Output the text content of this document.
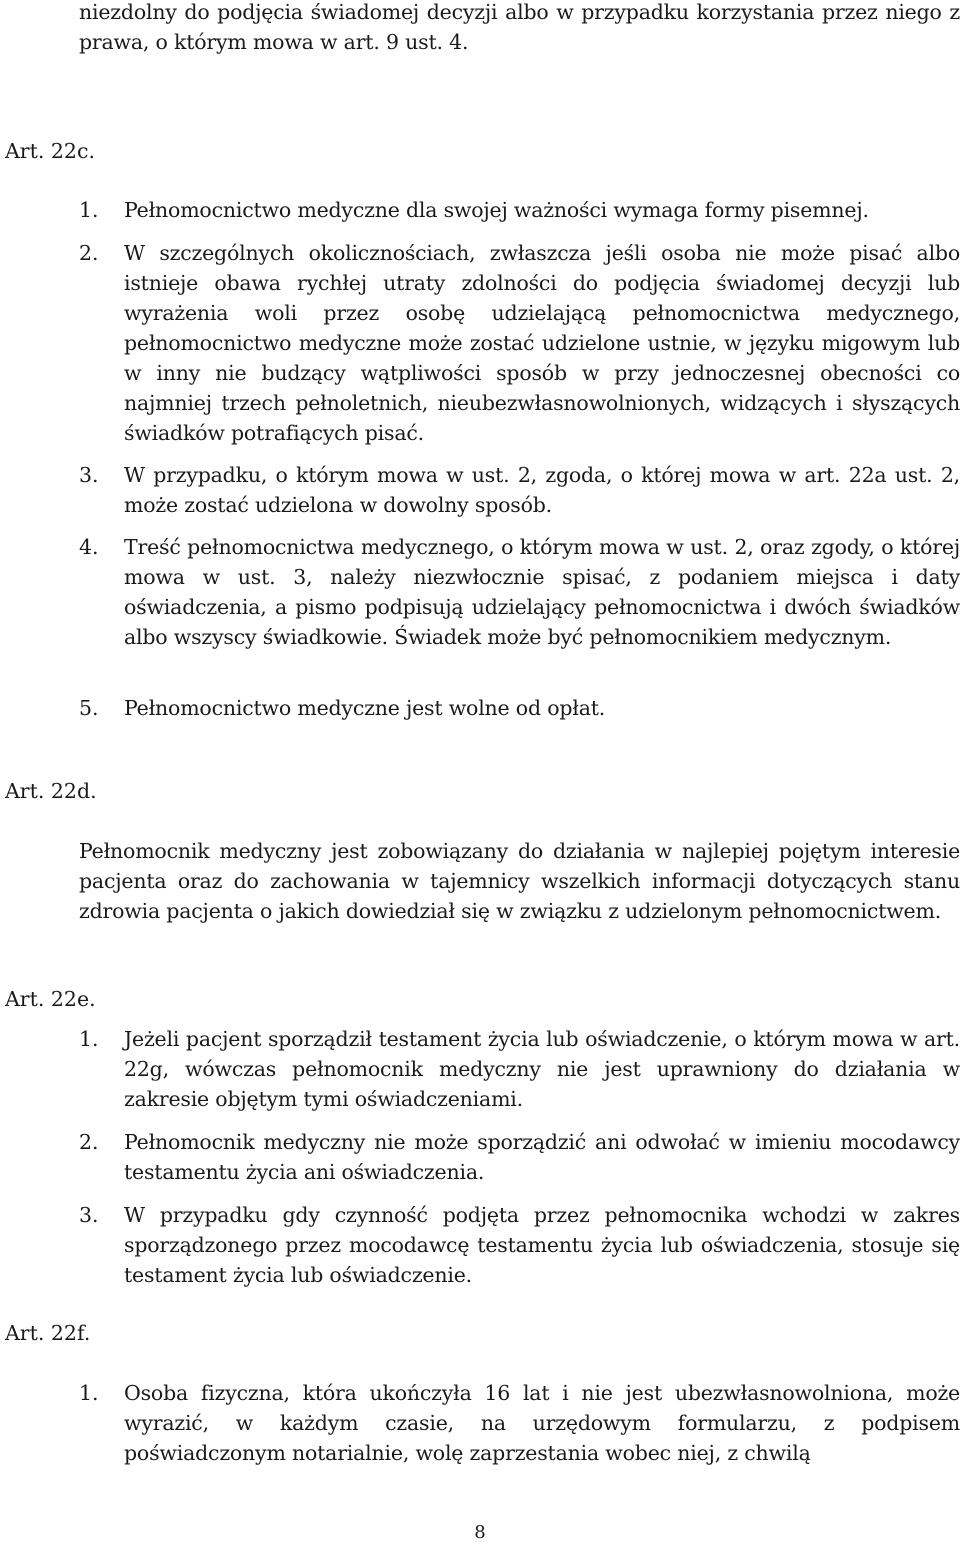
niezdolny do podjęcia świadomej decyzji albo w przypadku korzystania przez niego z prawa, o którym mowa w art. 9 ust. 4.

Art. 22c.

1. Pełnomocnictwo medyczne dla swojej ważności wymaga formy pisemnej.

2. W szczególnych okolicznościach, zwłaszcza jeśli osoba nie może pisać albo istnieje obawa rychłej utraty zdolności do podjęcia świadomej decyzji lub wyrażenia woli przez osobę udzielającą pełnomocnictwa medycznego, pełnomocnictwo medyczne może zostać udzielone ustnie, w języku migowym lub w inny nie budzący wątpliwości sposób w przy jednoczesnej obecności co najmniej trzech pełnoletnich, nieubezwłasnowolnionych, widzących i słyszących świadków potrafiących pisać.

3. W przypadku, o którym mowa w ust. 2, zgoda, o której mowa w art. 22a ust. 2, może zostać udzielona w dowolny sposób.

4. Treść pełnomocnictwa medycznego, o którym mowa w ust. 2, oraz zgody, o której mowa w ust. 3, należy niezwłocznie spisać, z podaniem miejsca i daty oświadczenia, a pismo podpisują udzielający pełnomocnictwa i dwóch świadków albo wszyscy świadkowie. Świadek może być pełnomocnikiem medycznym.

5. Pełnomocnictwo medyczne jest wolne od opłat.

Art. 22d.

Pełnomocnik medyczny jest zobowiązany do działania w najlepiej pojętym interesie pacjenta oraz do zachowania w tajemnicy wszelkich informacji dotyczących stanu zdrowia pacjenta o jakich dowiedział się w związku z udzielonym pełnomocnictwem.

Art. 22e.

1. Jeżeli pacjent sporządził testament życia lub oświadczenie, o którym mowa w art. 22g, wówczas pełnomocnik medyczny nie jest uprawniony do działania w zakresie objętym tymi oświadczeniami.

2. Pełnomocnik medyczny nie może sporządzić ani odwołać w imieniu mocodawcy testamentu życia ani oświadczenia.

3. W przypadku gdy czynność podjęta przez pełnomocnika wchodzi w zakres sporządzonego przez mocodawcę testamentu życia lub oświadczenia, stosuje się testament życia lub oświadczenie.

Art. 22f.

1. Osoba fizyczna, która ukończyła 16 lat i nie jest ubezwłasnowolniona, może wyrazić, w każdym czasie, na urzędowym formularzu, z podpisem poświadczonym notarialnie, wolę zaprzestania wobec niej, z chwilą

8
